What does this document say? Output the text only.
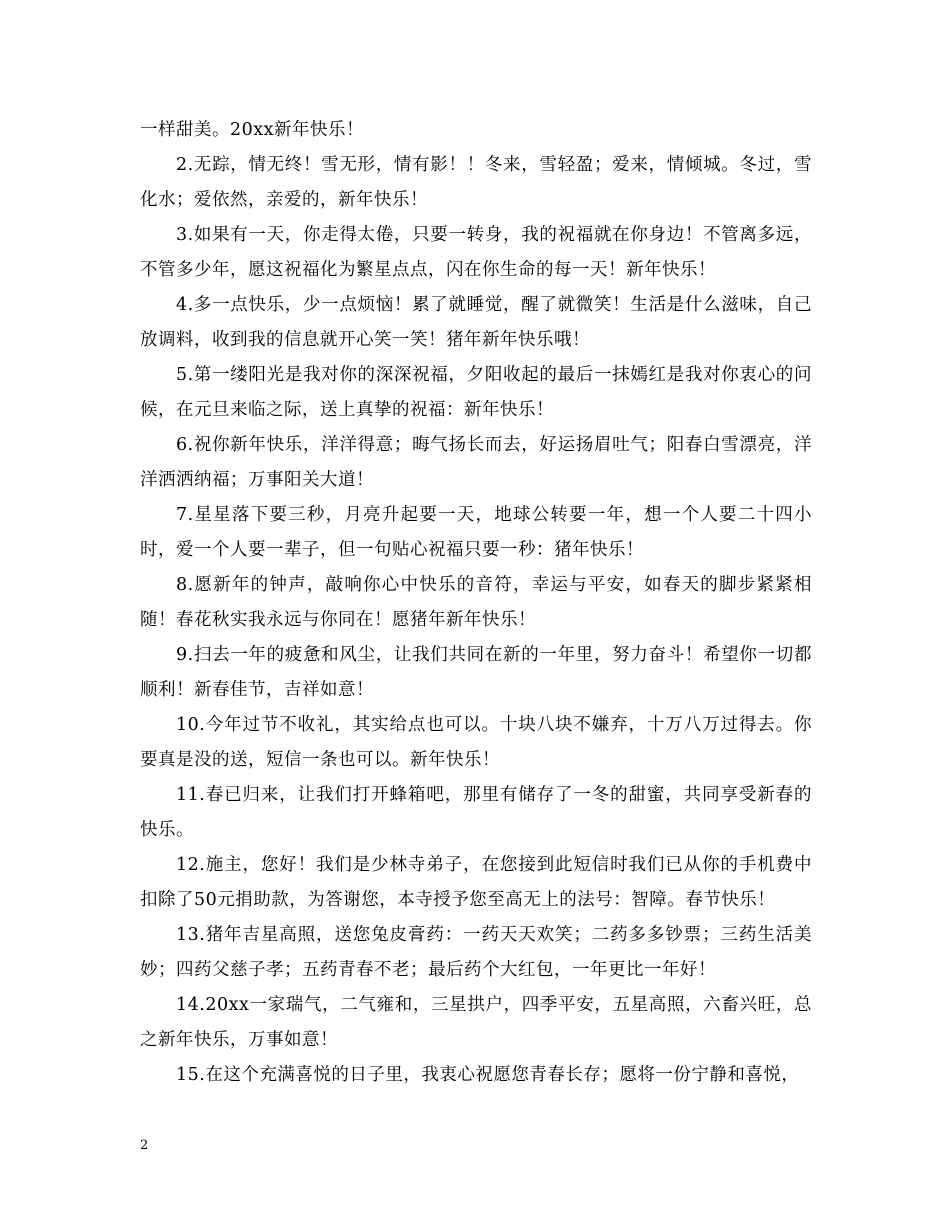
一样甜美。20xx新年快乐！

2.无踪，情无终！雪无形，情有影！！冬来，雪轻盈；爱来，情倾城。冬过，雪化水；爱依然，亲爱的，新年快乐！

3.如果有一天，你走得太倦，只要一转身，我的祝福就在你身边！不管离多远，不管多少年，愿这祝福化为繁星点点，闪在你生命的每一天！新年快乐！

4.多一点快乐，少一点烦恼！累了就睡觉，醒了就微笑！生活是什么滋味，自己放调料，收到我的信息就开心笑一笑！猪年新年快乐哦！

5.第一缕阳光是我对你的深深祝福，夕阳收起的最后一抹嫣红是我对你衷心的问候，在元旦来临之际，送上真挚的祝福：新年快乐！

6.祝你新年快乐，洋洋得意；晦气扬长而去，好运扬眉吐气；阳春白雪漂亮，洋洋洒洒纳福；万事阳关大道！

7.星星落下要三秒，月亮升起要一天，地球公转要一年，想一个人要二十四小时，爱一个人要一辈子，但一句贴心祝福只要一秒：猪年快乐！

8.愿新年的钟声，敲响你心中快乐的音符，幸运与平安，如春天的脚步紧紧相随！春花秋实我永远与你同在！愿猪年新年快乐！

9.扫去一年的疲惫和风尘，让我们共同在新的一年里，努力奋斗！希望你一切都顺利！新春佳节，吉祥如意！

10.今年过节不收礼，其实给点也可以。十块八块不嫌弃，十万八万过得去。你要真是没的送，短信一条也可以。新年快乐！

11.春已归来，让我们打开蜂箱吧，那里有储存了一冬的甜蜜，共同享受新春的快乐。

12.施主，您好！我们是少林寺弟子，在您接到此短信时我们已从你的手机费中扣除了50元捐助款，为答谢您，本寺授予您至高无上的法号：智障。春节快乐！

13.猪年吉星高照，送您兔皮膏药：一药天天欢笑；二药多多钞票；三药生活美妙；四药父慈子孝；五药青春不老；最后药个大红包，一年更比一年好！

14.20xx一家瑞气，二气雍和，三星拱户，四季平安，五星高照，六畜兴旺，总之新年快乐，万事如意！

15.在这个充满喜悦的日子里，我衷心祝愿您青春长存；愿将一份宁静和喜悦，

2
